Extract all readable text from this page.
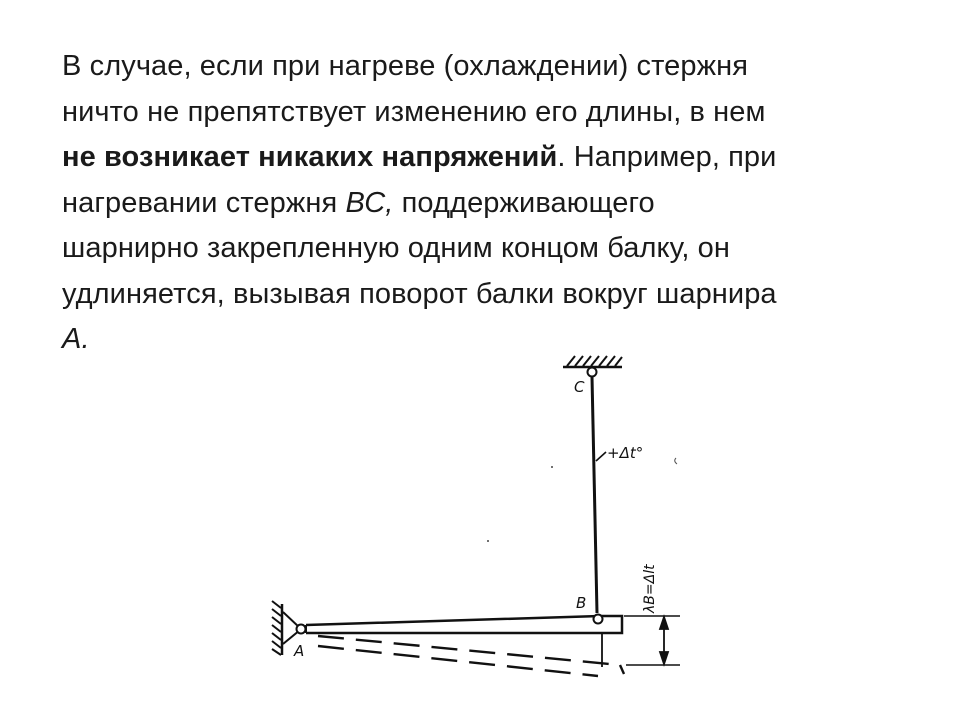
В случае, если при нагреве (охлаждении) стержня
ничто не препятствует изменению его длины, в нем
не возникает никаких напряжений. Например, при
нагревании стержня ВС, поддерживающего
шарнирно закрепленную одним концом балку, он
удлиняется, вызывая поворот балки вокруг шарнира
А.
C
B
A
+Δt°
λB=Δlt
